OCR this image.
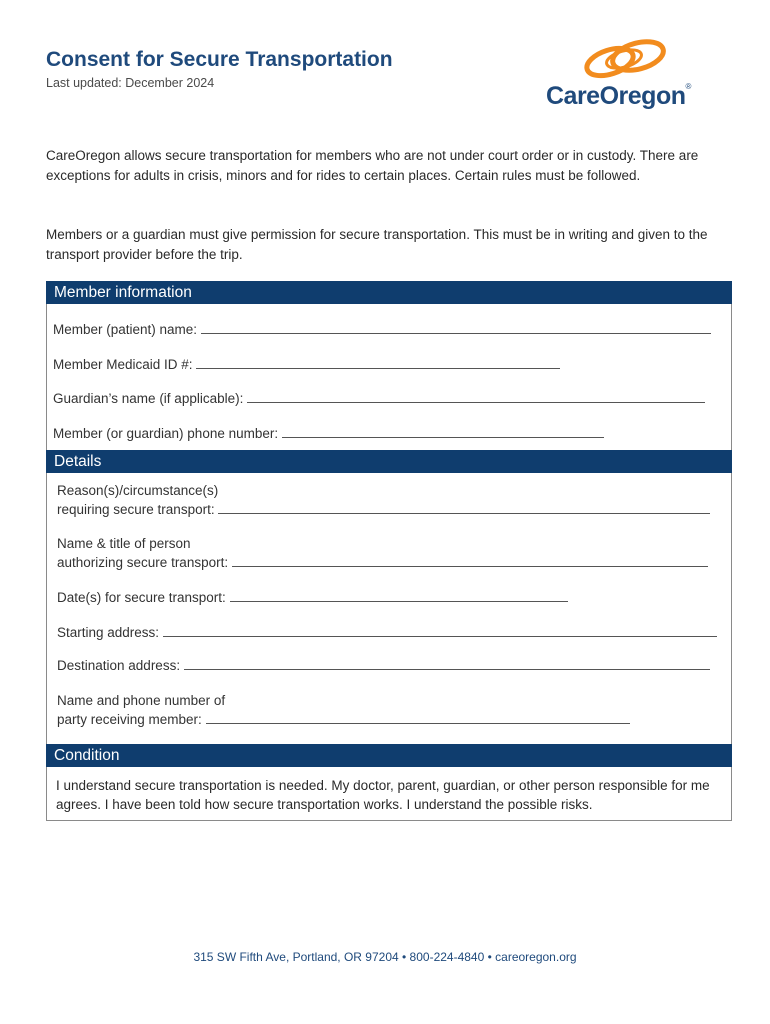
Consent for Secure Transportation
Last updated: December 2024	CareOregon®
CareOregon allows secure transportation for members who are not under court order or in custody. There are exceptions for adults in crisis, minors and for rides to certain places. Certain rules must be followed.
Members or a guardian must give permission for secure transportation. This must be in writing and given to the transport provider before the trip.
Member information
Member (patient) name:
Member Medicaid ID #:
Guardian’s name (if applicable):
Member (or guardian) phone number:
Details
Reason(s)/circumstance(s)
requiring secure transport:
Name & title of person
authorizing secure transport:
Date(s) for secure transport:
Starting address:
Destination address:
Name and phone number of
party receiving member:
Condition
I understand secure transportation is needed. My doctor, parent, guardian, or other person responsible for me agrees. I have been told how secure transportation works. I understand the possible risks.
315 SW Fifth Ave, Portland, OR 97204 • 800-224-4840 • careoregon.org
